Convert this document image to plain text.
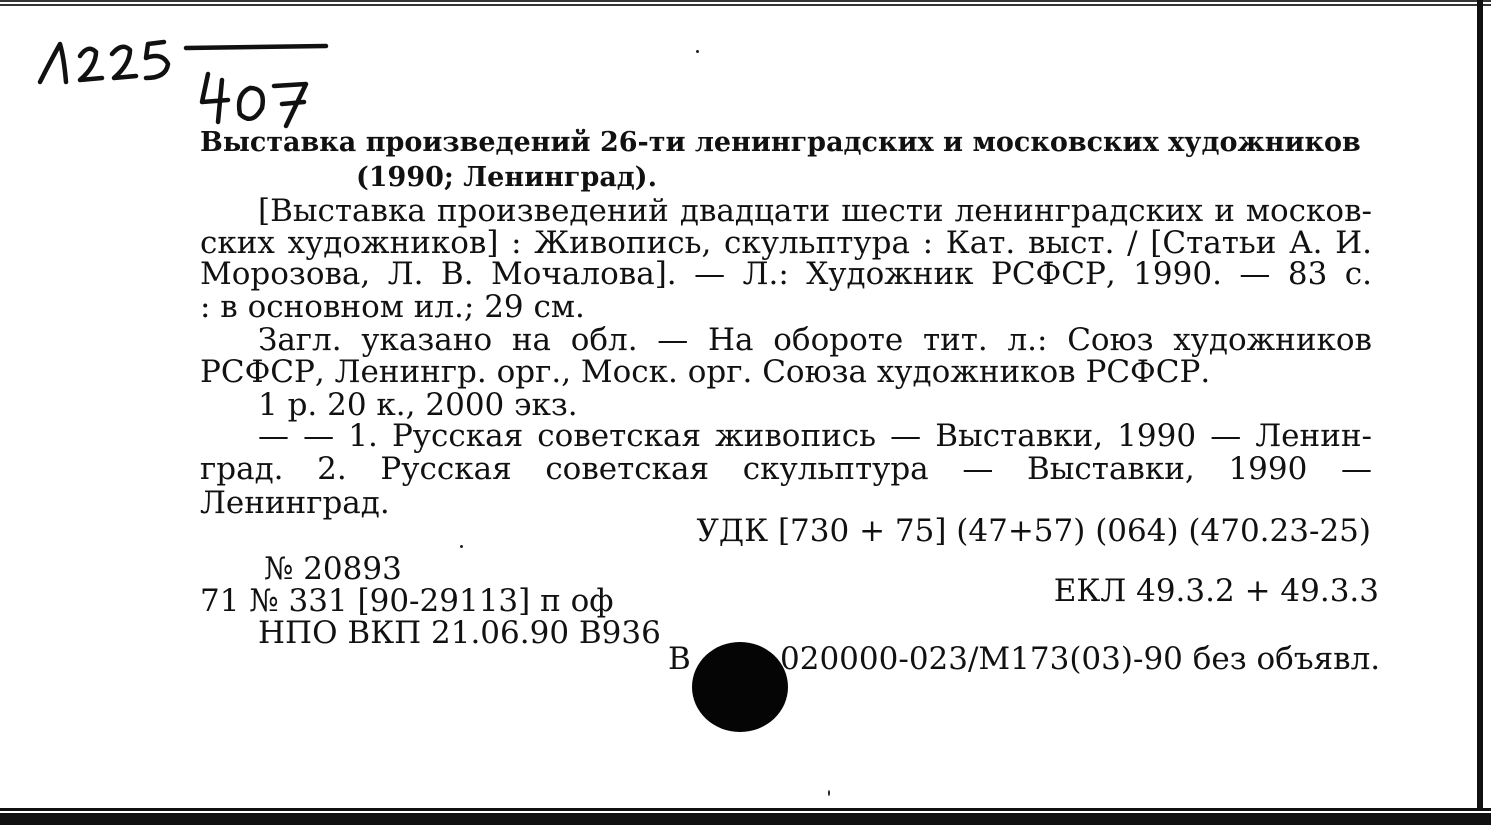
Выставка произведений 26-ти ленинградских и московских художников
(1990; Ленинград).
[Выставка произведений двадцати шести ленинградских и москов-
ских художников] : Живопись, скульптура : Кат. выст. / [Статьи А. И.
Морозова, Л. В. Мочалова]. — Л.: Художник РСФСР, 1990. — 83 с.
: в основном ил.; 29 см.
Загл. указано на обл. — На обороте тит. л.: Союз художников
РСФСР, Ленингр. орг., Моск. орг. Союза художников РСФСР.
1 р. 20 к., 2000 экз.
— — 1. Русская советская живопись — Выставки, 1990 — Ленин-
град. 2. Русская советская скульптура — Выставки, 1990 —
Ленинград.
УДК [730 + 75] (47+57) (064) (470.23-25)
№ 20893
71 № 331 [90-29113] п оф	ЕКЛ 49.3.2 + 49.3.3
НПО ВКП 21.06.90 В936
В	020000-023/М173(03)-90 без объявл.
